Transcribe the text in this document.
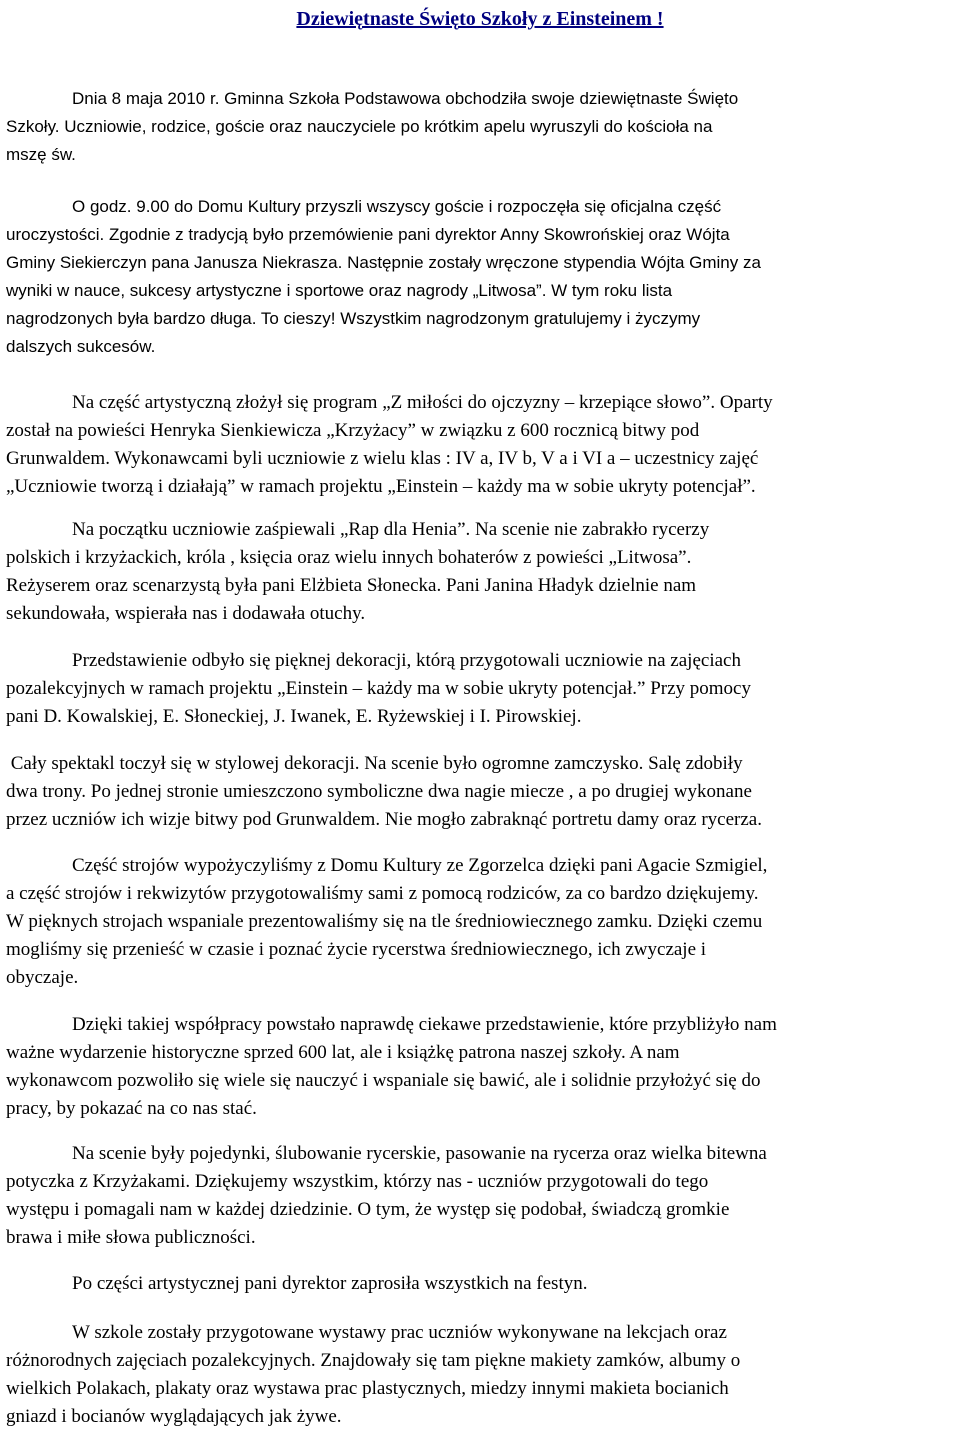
Dziewiętnaste Święto Szkoły z Einsteinem !

Dnia 8 maja 2010 r. Gminna Szkoła Podstawowa obchodziła swoje dziewiętnaste Święto
Szkoły. Uczniowie, rodzice, goście oraz nauczyciele po krótkim apelu wyruszyli do kościoła na
mszę św.

O godz. 9.00 do Domu Kultury przyszli wszyscy goście i rozpoczęła się oficjalna część
uroczystości. Zgodnie z tradycją było przemówienie pani dyrektor Anny Skowrońskiej oraz Wójta
Gminy Siekierczyn pana Janusza Niekrasza. Następnie zostały wręczone stypendia Wójta Gminy za
wyniki w nauce, sukcesy artystyczne i sportowe oraz nagrody „Litwosa”. W tym roku lista
nagrodzonych była bardzo długa. To cieszy! Wszystkim nagrodzonym gratulujemy i życzymy
dalszych sukcesów.

Na część artystyczną złożył się program „Z miłości do ojczyzny – krzepiące słowo”. Oparty
został na powieści Henryka Sienkiewicza „Krzyżacy” w związku z 600 rocznicą bitwy pod
Grunwaldem. Wykonawcami byli uczniowie z wielu klas : IV a, IV b, V a i VI a – uczestnicy zajęć
„Uczniowie tworzą i działają” w ramach projektu „Einstein – każdy ma w sobie ukryty potencjał”.

Na początku uczniowie zaśpiewali „Rap dla Henia”. Na scenie nie zabrakło rycerzy
polskich i krzyżackich, króla , księcia oraz wielu innych bohaterów z powieści „Litwosa”.
Reżyserem oraz scenarzystą była pani Elżbieta Słonecka. Pani Janina Hładyk dzielnie nam
sekundowała, wspierała nas i dodawała otuchy.

Przedstawienie odbyło się pięknej dekoracji, którą przygotowali uczniowie na zajęciach
pozalekcyjnych w ramach projektu „Einstein – każdy ma w sobie ukryty potencjał.” Przy pomocy
pani D. Kowalskiej, E. Słoneckiej, J. Iwanek, E. Ryżewskiej i I. Pirowskiej.

Cały spektakl toczył się w stylowej dekoracji. Na scenie było ogromne zamczysko. Salę zdobiły
dwa trony. Po jednej stronie umieszczono symboliczne dwa nagie miecze , a po drugiej wykonane
przez uczniów ich wizje bitwy pod Grunwaldem. Nie mogło zabraknąć portretu damy oraz rycerza.

Część strojów wypożyczyliśmy z Domu Kultury ze Zgorzelca dzięki pani Agacie Szmigiel,
a część strojów i rekwizytów przygotowaliśmy sami z pomocą rodziców, za co bardzo dziękujemy.
W pięknych strojach wspaniale prezentowaliśmy się na tle średniowiecznego zamku. Dzięki czemu
mogliśmy się przenieść w czasie i poznać życie rycerstwa średniowiecznego, ich zwyczaje i
obyczaje.

Dzięki takiej współpracy powstało naprawdę ciekawe przedstawienie, które przybliżyło nam
ważne wydarzenie historyczne sprzed 600 lat, ale i książkę patrona naszej szkoły. A nam
wykonawcom pozwoliło się wiele się nauczyć i wspaniale się bawić, ale i solidnie przyłożyć się do
pracy, by pokazać na co nas stać.

Na scenie były pojedynki, ślubowanie rycerskie, pasowanie na rycerza oraz wielka bitewna
potyczka z Krzyżakami. Dziękujemy wszystkim, którzy nas - uczniów przygotowali do tego
występu i pomagali nam w każdej dziedzinie. O tym, że występ się podobał, świadczą gromkie
brawa i miłe słowa publiczności.

Po części artystycznej pani dyrektor zaprosiła wszystkich na festyn.

W szkole zostały przygotowane wystawy prac uczniów wykonywane na lekcjach oraz
różnorodnych zajęciach pozalekcyjnych. Znajdowały się tam piękne makiety zamków, albumy o
wielkich Polakach, plakaty oraz wystawa prac plastycznych, miedzy innymi makieta bocianich
gniazd i bocianów wyglądających jak żywe.
